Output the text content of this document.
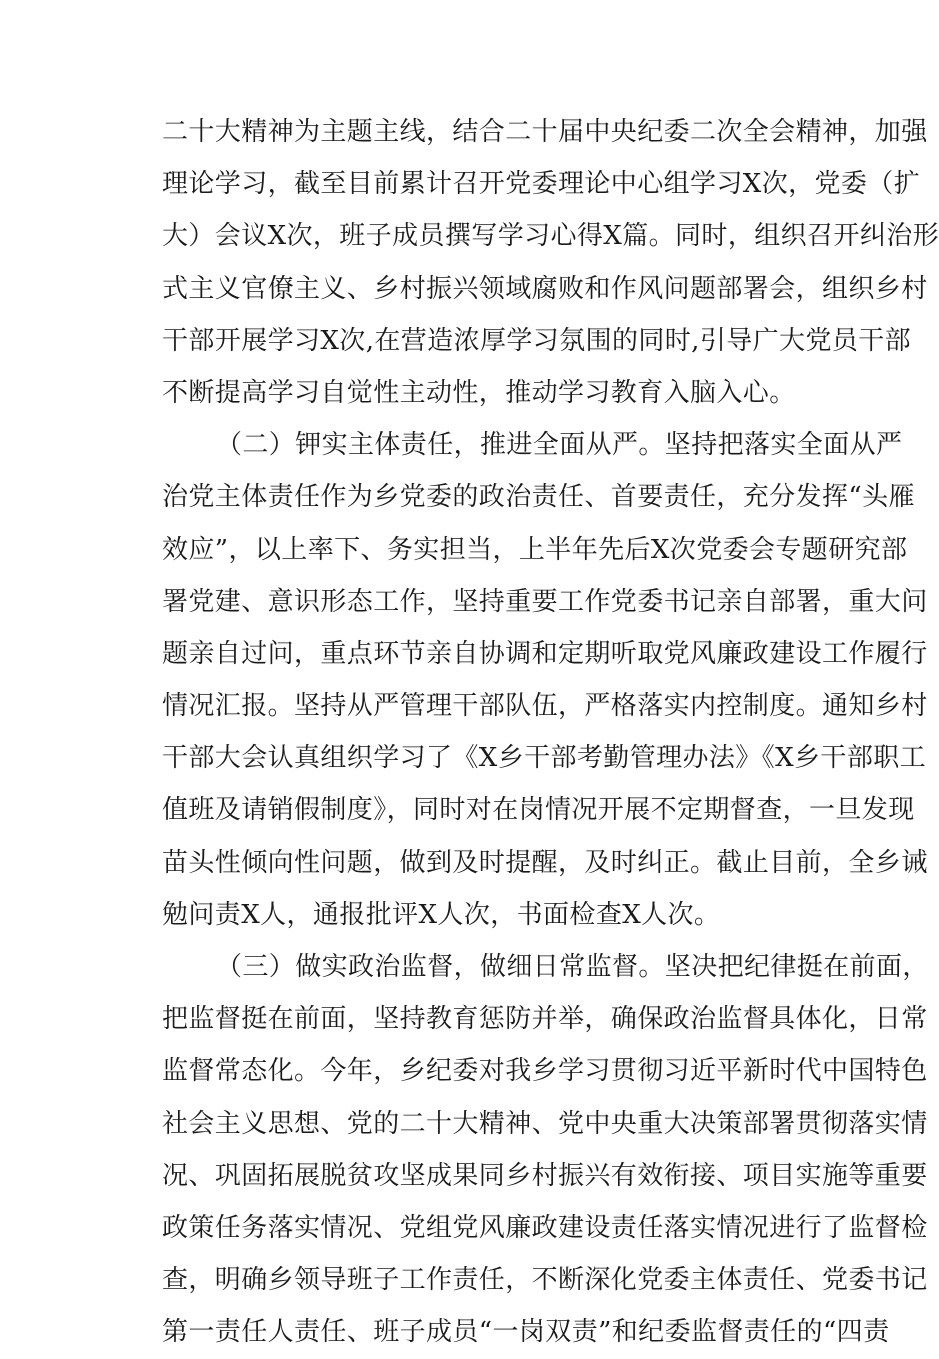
二十大精神为主题主线，结合二十届中央纪委二次全会精神，加强
理论学习，截至目前累计召开党委理论中心组学习X次，党委（扩
大）会议X次，班子成员撰写学习心得X篇。同时，组织召开纠治形
式主义官僚主义、乡村振兴领域腐败和作风问题部署会，组织乡村
干部开展学习X次,在营造浓厚学习氛围的同时,引导广大党员干部
不断提高学习自觉性主动性，推动学习教育入脑入心。
（二）钾实主体责任，推进全面从严。坚持把落实全面从严
治党主体责任作为乡党委的政治责任、首要责任，充分发挥“头雁
效应”，以上率下、务实担当，上半年先后X次党委会专题研究部
署党建、意识形态工作，坚持重要工作党委书记亲自部署，重大问
题亲自过问，重点环节亲自协调和定期听取党风廉政建设工作履行
情况汇报。坚持从严管理干部队伍，严格落实内控制度。通知乡村
干部大会认真组织学习了《X乡干部考勤管理办法》《X乡干部职工
值班及请销假制度》，同时对在岗情况开展不定期督查，一旦发现
苗头性倾向性问题，做到及时提醒，及时纠正。截止目前，全乡诫
勉问责X人，通报批评X人次，书面检查X人次。
（三）做实政治监督，做细日常监督。坚决把纪律挺在前面，
把监督挺在前面，坚持教育惩防并举，确保政治监督具体化，日常
监督常态化。今年，乡纪委对我乡学习贯彻习近平新时代中国特色
社会主义思想、党的二十大精神、党中央重大决策部署贯彻落实情
况、巩固拓展脱贫攻坚成果同乡村振兴有效衔接、项目实施等重要
政策任务落实情况、党组党风廉政建设责任落实情况进行了监督检
查，明确乡领导班子工作责任，不断深化党委主体责任、党委书记
第一责任人责任、班子成员“一岗双责”和纪委监督责任的“四责
